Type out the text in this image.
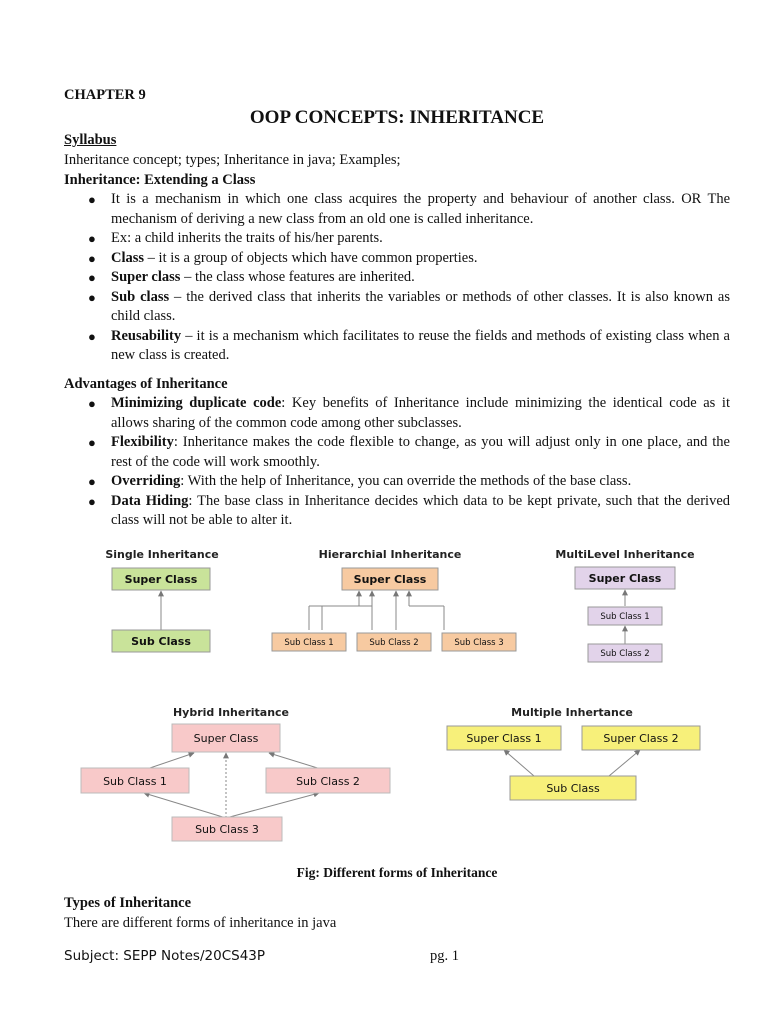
CHAPTER 9
OOP CONCEPTS: INHERITANCE
Syllabus
Inheritance concept; types; Inheritance in java; Examples;
Inheritance: Extending a Class
● It is a mechanism in which one class acquires the property and behaviour of another class. OR The mechanism of deriving a new class from an old one is called inheritance.
● Ex: a child inherits the traits of his/her parents.
● Class – it is a group of objects which have common properties.
● Super class – the class whose features are inherited.
● Sub class – the derived class that inherits the variables or methods of other classes. It is also known as child class.
● Reusability – it is a mechanism which facilitates to reuse the fields and methods of existing class when a new class is created.
Advantages of Inheritance
● Minimizing duplicate code: Key benefits of Inheritance include minimizing the identical code as it allows sharing of the common code among other subclasses.
● Flexibility: Inheritance makes the code flexible to change, as you will adjust only in one place, and the rest of the code will work smoothly.
● Overriding: With the help of Inheritance, you can override the methods of the base class.
● Data Hiding: The base class in Inheritance decides which data to be kept private, such that the derived class will not be able to alter it.
Single Inheritance
Super Class
Sub Class
Hierarchial Inheritance
Super Class
Sub Class 1	Sub Class 2	Sub Class 3
MultiLevel Inheritance
Super Class
Sub Class 1
Sub Class 2
Hybrid Inheritance
Super Class
Sub Class 1	Sub Class 2
Sub Class 3
Multiple Inhertance
Super Class 1	Super Class 2
Sub Class
Fig: Different forms of Inheritance
Types of Inheritance
There are different forms of inheritance in java
Subject: SEPP Notes/20CS43P	pg. 1
